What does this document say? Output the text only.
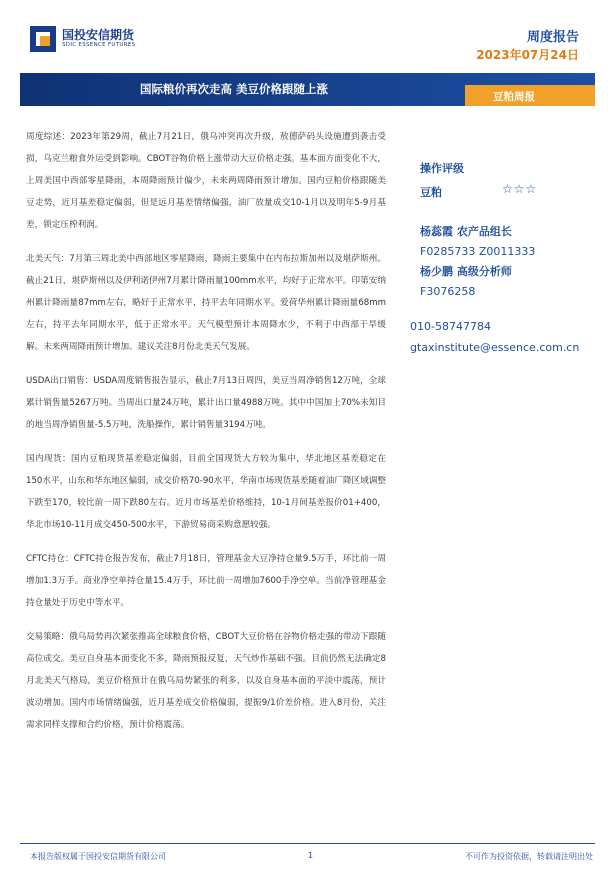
国投安信期货
SDIC ESSENCE FUTURES	周度报告
2023年07月24日
国际粮价再次走高 美豆价格跟随上涨
豆粕周报

周度综述：2023年第29周，截止7月21日，俄乌冲突再次升级，敖德萨码头设施遭到袭击受损，乌克兰粮食外运受到影响。CBOT谷物价格上涨带动大豆价格走强。基本面方面变化不大，上周美国中西部零星降雨，本周降雨预计偏少，未来两周降雨预计增加。国内豆粕价格跟随美豆走势，近月基差稳定偏弱，但是远月基差情绪偏强，油厂放量成交10-1月以及明年5-9月基差，锁定压榨利润。

北美天气：7月第三周北美中西部地区零星降雨，降雨主要集中在内布拉斯加州以及堪萨斯州。截止21日，堪萨斯州以及伊利诺伊州7月累计降雨量100mm水平，均好于正常水平。印第安纳州累计降雨量87mm左右，略好于正常水平，持平去年同期水平。爱荷华州累计降雨量68mm左右，持平去年同期水平，低于正常水平。天气模型预计本周降水少，不利于中西部干旱缓解。未来两周降雨预计增加。建议关注8月份北美天气发展。

USDA出口销售：USDA周度销售报告显示，截止7月13日周四，美豆当周净销售12万吨，全球累计销售量5267万吨。当周出口量24万吨，累计出口量4988万吨。其中中国加上70%未知目的地当周净销售量-5.5万吨，洗船操作，累计销售量3194万吨。

国内现货：国内豆粕现货基差稳定偏弱，目前全国现货大方较为集中，华北地区基差稳定在150水平，山东和华东地区偏弱，成交价格70-90水平，华南市场现货基差随着油厂降区域调整下跌至170，较比前一周下跌80左右。近月市场基差价格维持，10-1月间基差报价01+400，华北市场10-11月成交450-500水平，下游贸易商采购意愿较强。

CFTC持仓：CFTC持仓报告发布，截止7月18日，管理基金大豆净持仓量9.5万手，环比前一周增加1.3万手。商业净空单持仓量15.4万手，环比前一周增加7600手净空单。当前净管理基金持仓量处于历史中等水平。

交易策略：俄乌局势再次紧张推高全球粮食价格，CBOT大豆价格在谷物价格走强的带动下跟随高位成交。美豆自身基本面变化不多，降雨预报反复，天气炒作基础不强。目前仍然无法确定8月北美天气格局，美豆价格预计在俄乌局势紧张的利多，以及自身基本面的平淡中震荡，预计波动增加。国内市场情绪偏强，近月基差成交价格偏弱，提振9/1价差价格。进入8月份，关注需求同样支撑和合约价格，预计价格震荡。

操作评级
豆粕	☆☆☆
杨蕊霞 农产品组长
F0285733 Z0011333
杨少鹏 高级分析师
F3076258
010-58747784
gtaxinstitute@essence.com.cn
本报告版权属于国投安信期货有限公司	1	不可作为投资依据，转载请注明出处
